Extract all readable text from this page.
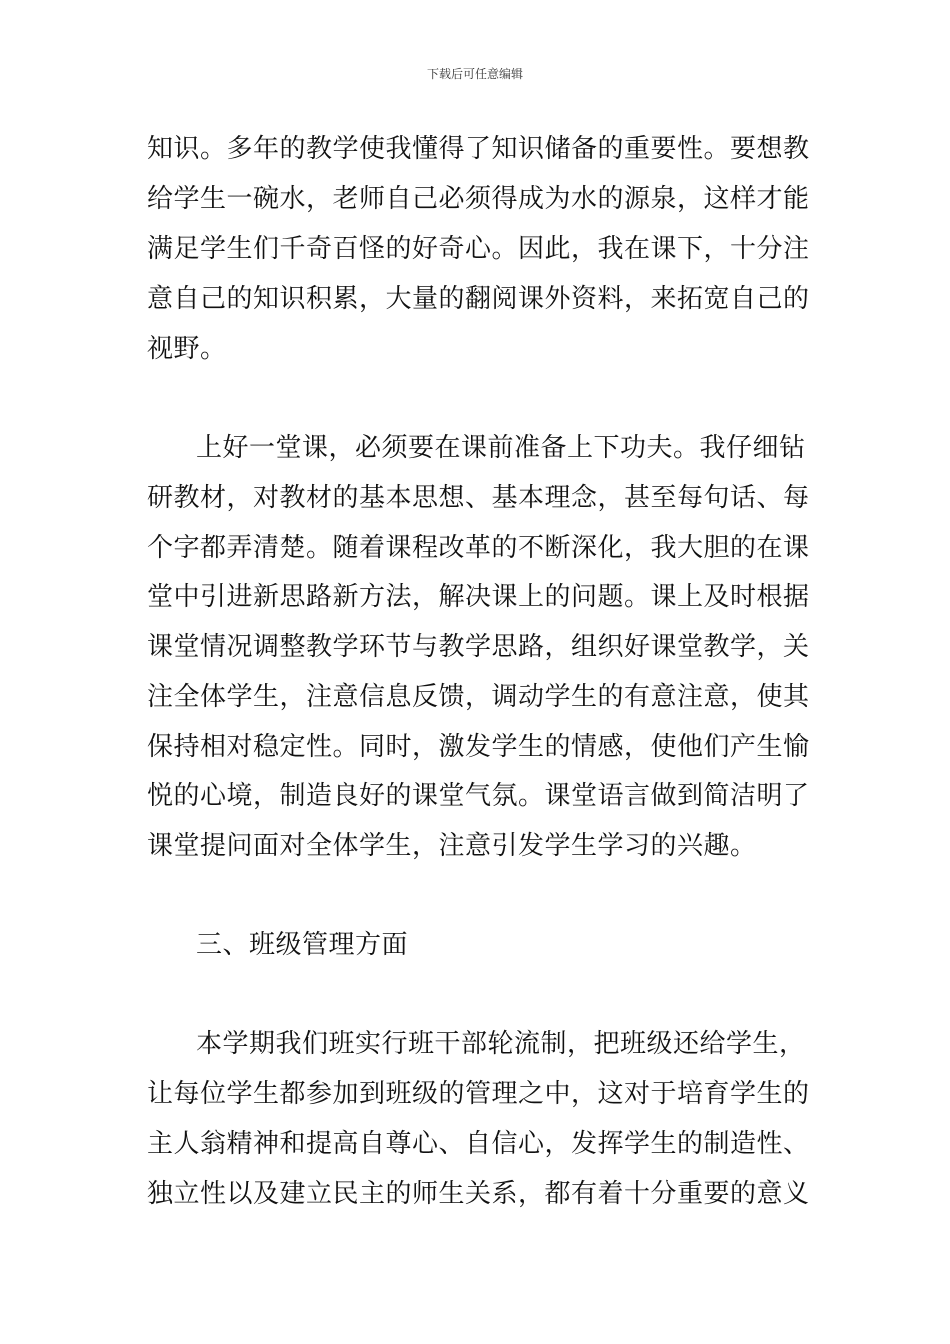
下载后可任意编辑
知识。多年的教学使我懂得了知识储备的重要性。要想教
给学生一碗水，老师自己必须得成为水的源泉，这样才能
满足学生们千奇百怪的好奇心。因此，我在课下，十分注
意自己的知识积累，大量的翻阅课外资料，来拓宽自己的
视野。
上好一堂课，必须要在课前准备上下功夫。我仔细钻
研教材，对教材的基本思想、基本理念，甚至每句话、每
个字都弄清楚。随着课程改革的不断深化，我大胆的在课
堂中引进新思路新方法，解决课上的问题。课上及时根据
课堂情况调整教学环节与教学思路，组织好课堂教学，关
注全体学生，注意信息反馈，调动学生的有意注意，使其
保持相对稳定性。同时，激发学生的情感，使他们产生愉
悦的心境，制造良好的课堂气氛。课堂语言做到简洁明了
课堂提问面对全体学生，注意引发学生学习的兴趣。
三、班级管理方面
本学期我们班实行班干部轮流制，把班级还给学生，
让每位学生都参加到班级的管理之中，这对于培育学生的
主人翁精神和提高自尊心、自信心，发挥学生的制造性、
独立性以及建立民主的师生关系，都有着十分重要的意义
